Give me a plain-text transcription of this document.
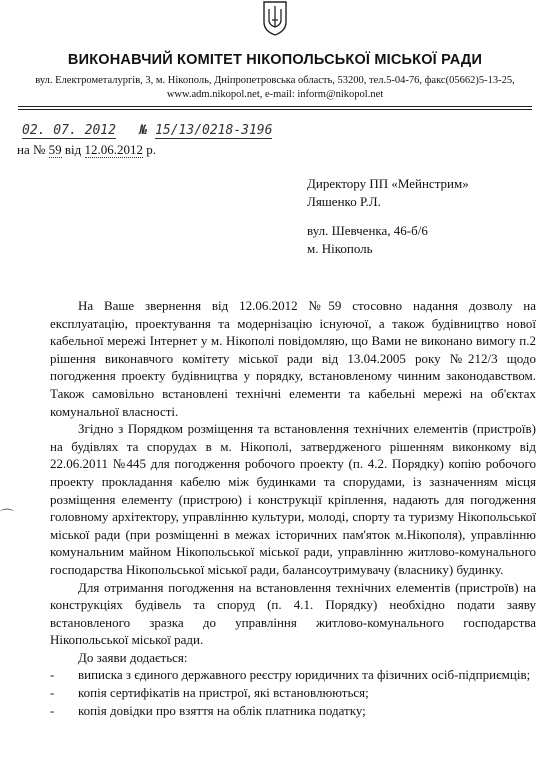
ВИКОНАВЧИЙ КОМІТЕТ НІКОПОЛЬСЬКОЇ МІСЬКОЇ РАДИ
вул. Електрометалургів, 3, м. Нікополь, Дніпропетровська область, 53200, тел.5-04-76, факс(05662)5-13-25,
www.adm.nikopol.net, e-mail: inform@nikopol.net
02. 07. 2012 № 15/13/0218-3196
на № 59 від 12.06.2012 р.
Директору ПП «Мейнстрим»
Ляшенко Р.Л.
вул. Шевченка, 46-б/6
м. Нікополь

На Ваше звернення від 12.06.2012 №59 стосовно надання дозволу на експлуатацію, проектування та модернізацію існуючої, а також будівництво нової кабельної мережі Інтернет у м. Нікополі повідомляю, що Вами не виконано вимогу п.2 рішення виконавчого комітету міської ради від 13.04.2005 року №212/3 щодо погодження проекту будівництва у порядку, встановленому чинним законодавством. Також самовільно встановлені технічні елементи та кабельні мережі на об'єктах комунальної власності.

Згідно з Порядком розміщення та встановлення технічних елементів (пристроїв) на будівлях та спорудах в м. Нікополі, затвердженого рішенням виконкому від 22.06.2011 №445 для погодження робочого проекту (п. 4.2. Порядку) копію робочого проекту прокладання кабелю між будинками та спорудами, із зазначенням місця розміщення елементу (пристрою) і конструкції кріплення, надають для погодження головному архітектору, управлінню культури, молоді, спорту та туризму Нікопольської міської ради (при розміщенні в межах історичних пам'яток м.Нікополя), управлінню комунальним майном Нікопольської міської ради, управлінню житлово-комунального господарства Нікопольської міської ради, балансоутримувачу (власнику) будинку.

Для отримання погодження на встановлення технічних елементів (пристроїв) на конструкціях будівель та споруд (п. 4.1. Порядку) необхідно подати заяву встановленого зразка до управління житлово-комунального господарства Нікопольської міської ради.

До заяви додається:

- виписка з єдиного державного реєстру юридичних та фізичних осіб-підприємців;
- копія сертифікатів на пристрої, які встановлюються;
- копія довідки про взяття на облік платника податку;
⌒
